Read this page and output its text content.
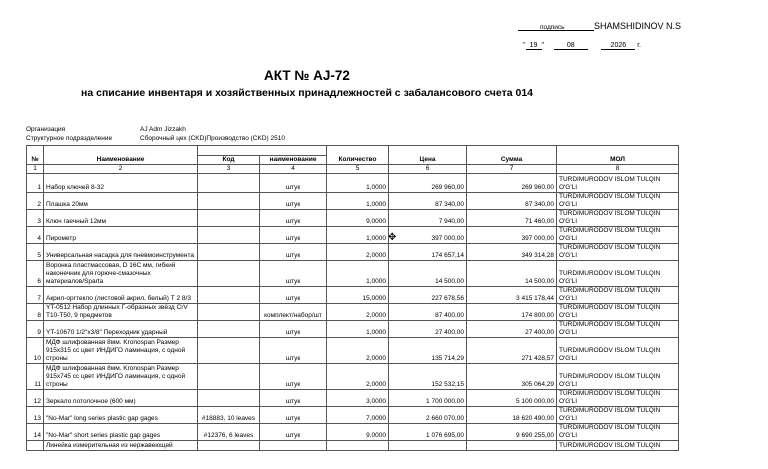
SHAMSHIDINOV N.S
подпись
" 19 "     08	2026 г.
АКТ № AJ-72
на списание инвентаря и хозяйственных принадлежностей с забалансового счета 014
Организация	AJ Adm Jizzakh
Структурное подразделение	Сборочный цех (CKD)Производство (CKD) 2510
№	Наименование			Количество	Цена	Сумма	МОЛ
		Код	наименование				
1	2	3	4	5	6	7	8
1	Набор ключей 8-32		штук	1,0000	269 960,00	269 960,00	TURDIMURODOV ISLOM TULQIN O'G'LI
2	Плашка 20мм		штук	1,0000	87 340,00	87 340,00	TURDIMURODOV ISLOM TULQIN O'G'LI
3	Ключ гаечный 12мм		штук	9,0000	7 940,00	71 460,00	TURDIMURODOV ISLOM TULQIN O'G'LI
4	Пирометр		штук	1,0000	397 000,00	397 000,00	TURDIMURODOV ISLOM TULQIN O'G'LI
5	Универсальная насадка для пневмоинструмента		штук	2,0000	174 657,14	349 314,28	TURDIMURODOV ISLOM TULQIN O'G'LI
6	Воронка пластмассовая, D 16С мм, гибкий наконечник для горюче-смазочных материалов/Sparta		штук	1,0000	14 500,00	14 500,00	TURDIMURODOV ISLOM TULQIN O'G'LI
7	Акрил-оргтекло (листовой акрил, белый) Т 2 8/3		штук	15,0000	227 678,56	3 415 178,44	TURDIMURODOV ISLOM TULQIN O'G'LI
8	YT-0512 Набор длинных Г-образных звёзд CrV T10-T50, 9 предметов		комплект/набор/шт	2,0000	87 400,00	174 800,00	TURDIMURODOV ISLOM TULQIN O'G'LI
9	YT-10670 1/2"x3/8" Переходник ударный		штук	1,0000	27 400,00	27 400,00	TURDIMURODOV ISLOM TULQIN O'G'LI
10	МДФ шлифованная 8мм. Kronospan Размер 915х315 сс цвет ИНДИГО ламинация, с одной строны		штук	2,0000	135 714,29	271 428,57	TURDIMURODOV ISLOM TULQIN O'G'LI
11	МДФ шлифованная 8мм. Kronospan Размер 915х745 сс цвет ИНДИГО ламинация, с одной строны		штук	2,0000	152 532,15	305 064,29	TURDIMURODOV ISLOM TULQIN O'G'LI
12	Зеркало потолочное (600 мм)		штук	3,0000	1 700 000,00	5 100 000,00	TURDIMURODOV ISLOM TULQIN O'G'LI
13	"No-Mar" long series plastic gap gages	#18883, 10 leaves	штук	7,0000	2 660 070,00	18 620 490,00	TURDIMURODOV ISLOM TULQIN O'G'LI
14	"No-Mar" short series plastic gap gages	#12376, 6 leaves	штук	9,0000	1 076 695,00	9 690 255,00	TURDIMURODOV ISLOM TULQIN O'G'LI
	Линейка измерительная из нержавеющей						TURDIMURODOV ISLOM TULQIN
✥
